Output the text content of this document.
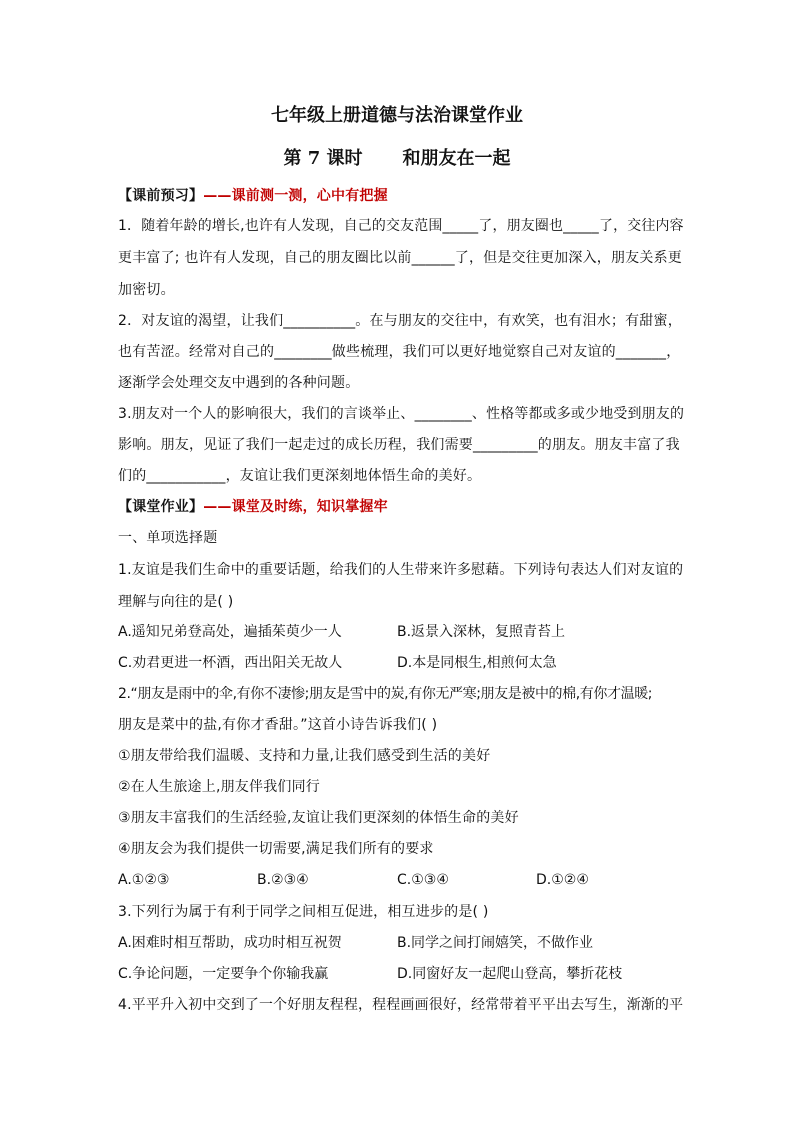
七年级上册道德与法治课堂作业
第 7 课时 和朋友在一起
【课前预习】——课前测一测，心中有把握
1．随着年龄的增长,也许有人发现，自己的交友范围_____了，朋友圈也_____了，交往内容
更丰富了; 也许有人发现，自己的朋友圈比以前______了，但是交往更加深入，朋友关系更
加密切。
2．对友谊的渴望，让我们__________。在与朋友的交往中，有欢笑，也有泪水；有甜蜜，
也有苦涩。经常对自己的________做些梳理，我们可以更好地觉察自己对友谊的_______，
逐渐学会处理交友中遇到的各种问题。
3.朋友对一个人的影响很大，我们的言谈举止、________、性格等都或多或少地受到朋友的
影响。朋友，见证了我们一起走过的成长历程，我们需要_________的朋友。朋友丰富了我
们的___________，友谊让我们更深刻地体悟生命的美好。
【课堂作业】——课堂及时练，知识掌握牢
一、单项选择题
1.友谊是我们生命中的重要话题，给我们的人生带来许多慰藉。下列诗句表达人们对友谊的
理解与向往的是( )
A.遥知兄弟登高处，遍插茱萸少一人	B.返景入深林，复照青苔上
C.劝君更进一杯酒，西出阳关无故人	D.本是同根生,相煎何太急
2.“朋友是雨中的伞,有你不凄惨;朋友是雪中的炭,有你无严寒;朋友是被中的棉,有你才温暖;
朋友是菜中的盐,有你才香甜。”这首小诗告诉我们( )
①朋友带给我们温暖、支持和力量,让我们感受到生活的美好
②在人生旅途上,朋友伴我们同行
③朋友丰富我们的生活经验,友谊让我们更深刻的体悟生命的美好
④朋友会为我们提供一切需要,满足我们所有的要求
A.①②③	B.②③④	C.①③④	D.①②④
3.下列行为属于有利于同学之间相互促进，相互进步的是( )
A.困难时相互帮助，成功时相互祝贺	B.同学之间打闹嬉笑，不做作业
C.争论问题，一定要争个你输我赢	D.同窗好友一起爬山登高，攀折花枝
4.平平升入初中交到了一个好朋友程程，程程画画很好，经常带着平平出去写生，渐渐的平
